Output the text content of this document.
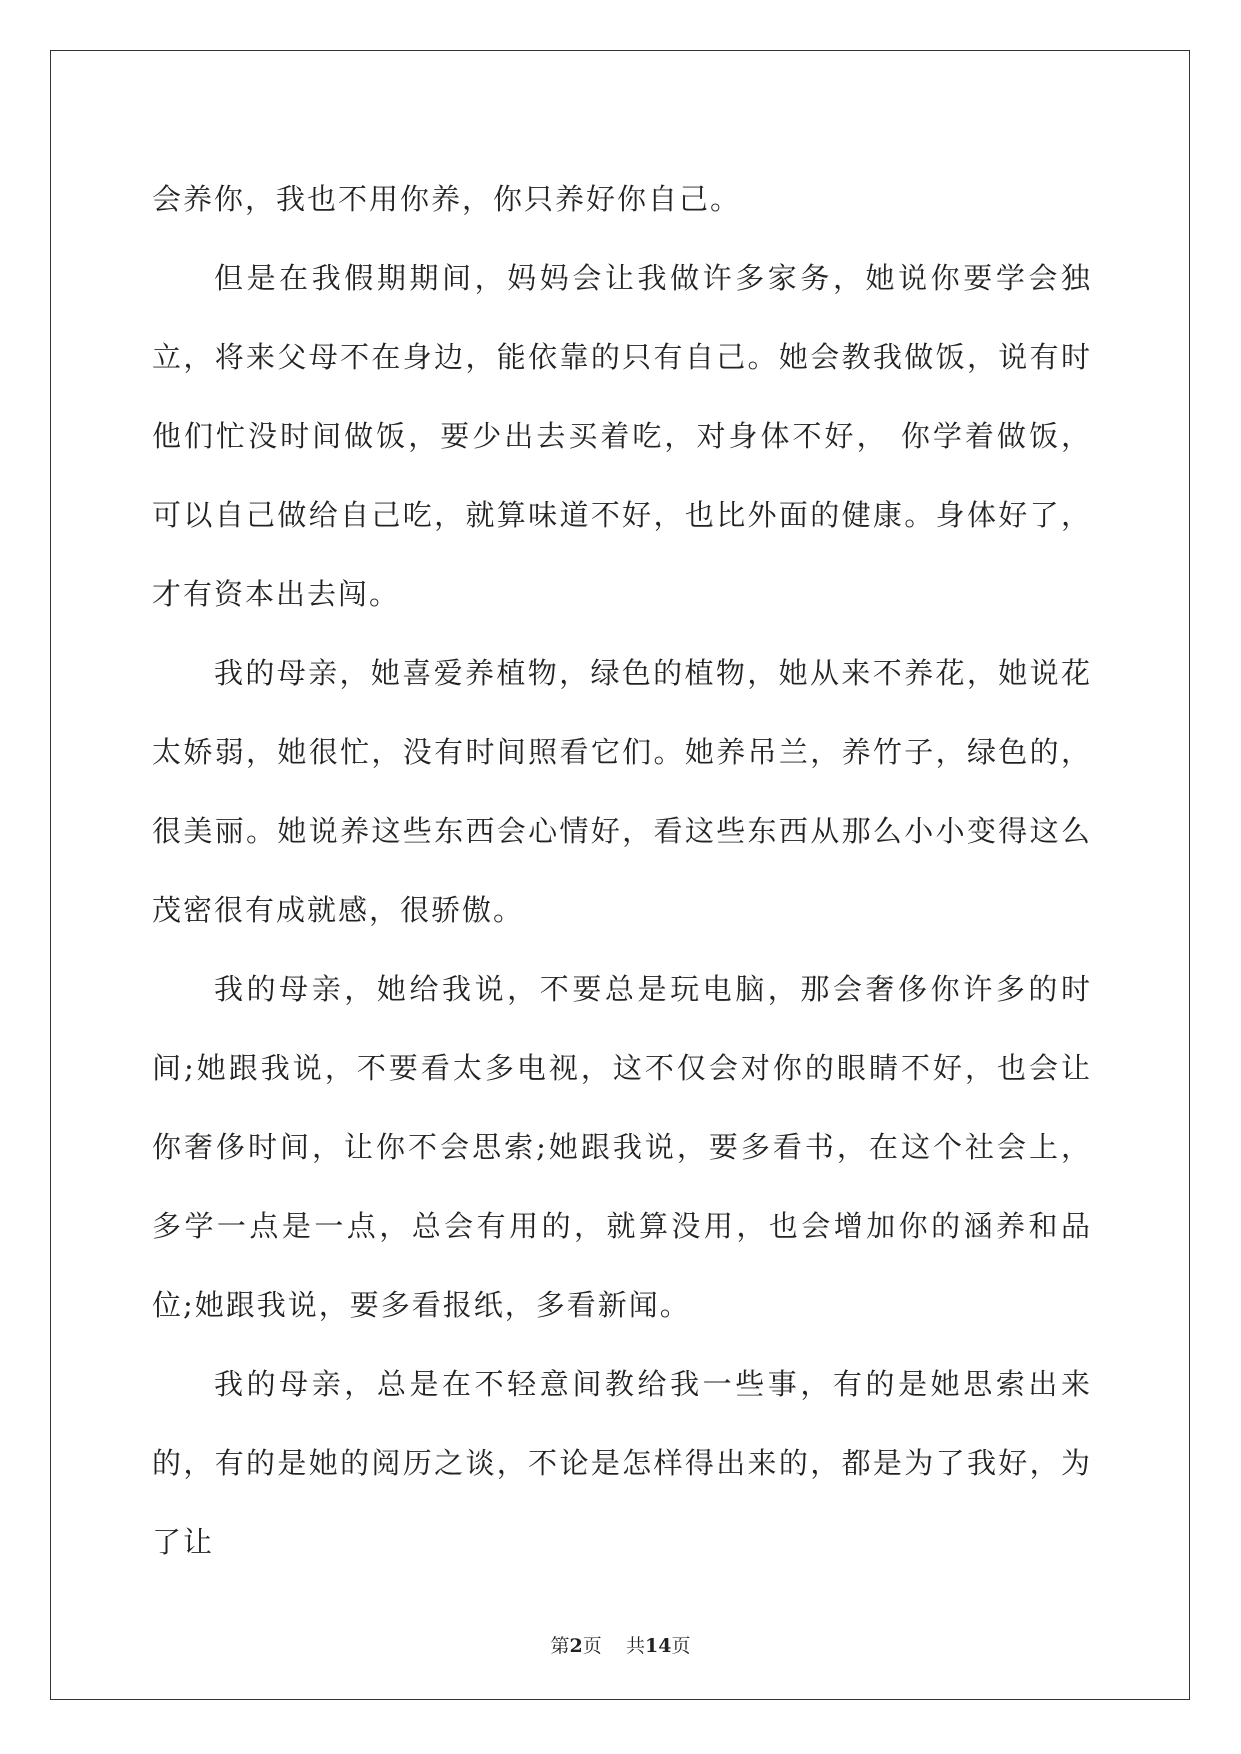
会养你，我也不用你养，你只养好你自己。

但是在我假期期间，妈妈会让我做许多家务，她说你要学会独立，将来父母不在身边，能依靠的只有自己。她会教我做饭，说有时他们忙没时间做饭，要少出去买着吃，对身体不好， 你学着做饭，可以自己做给自己吃，就算味道不好，也比外面的健康。身体好了，才有资本出去闯。

我的母亲，她喜爱养植物，绿色的植物，她从来不养花，她说花太娇弱，她很忙，没有时间照看它们。她养吊兰，养竹子，绿色的，很美丽。她说养这些东西会心情好，看这些东西从那么小小变得这么茂密很有成就感，很骄傲。

我的母亲，她给我说，不要总是玩电脑，那会奢侈你许多的时间;她跟我说，不要看太多电视，这不仅会对你的眼睛不好，也会让你奢侈时间，让你不会思索;她跟我说，要多看书，在这个社会上，多学一点是一点，总会有用的，就算没用，也会增加你的涵养和品位;她跟我说，要多看报纸，多看新闻。

我的母亲，总是在不轻意间教给我一些事，有的是她思索出来的，有的是她的阅历之谈，不论是怎样得出来的，都是为了我好，为了让

第2页 共14页
